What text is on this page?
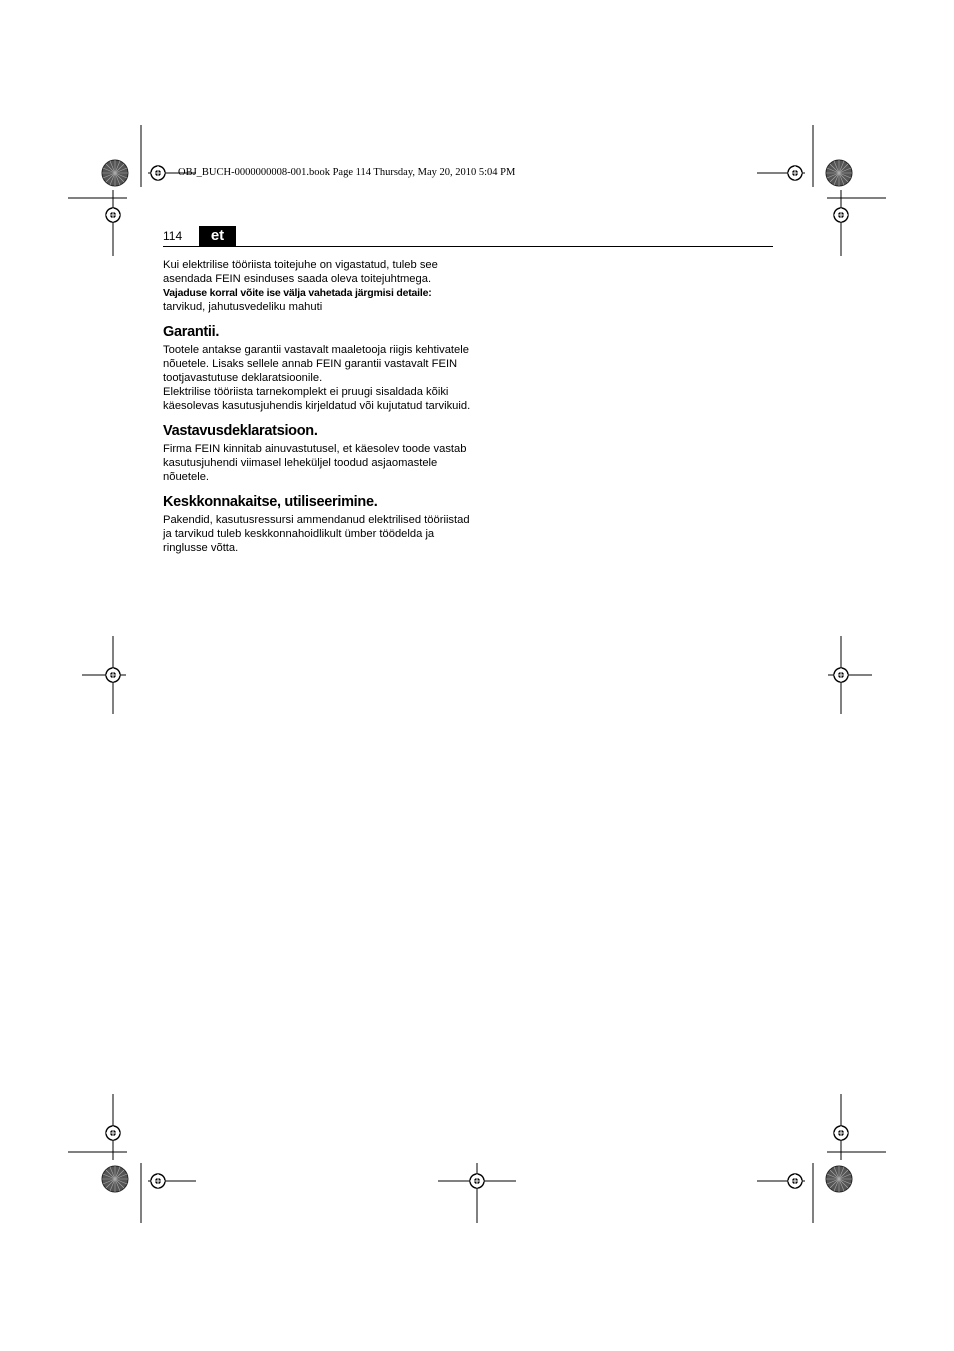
OBJ_BUCH-0000000008-001.book Page 114 Thursday, May 20, 2010 5:04 PM
114	et

Kui elektrilise tööriista toitejuhe on vigastatud, tuleb see asendada FEIN esinduses saada oleva toitejuhtmega.

Vajaduse korral võite ise välja vahetada järgmisi detaile:

tarvikud, jahutusvedeliku mahuti

Garantii.

Tootele antakse garantii vastavalt maaletooja riigis kehtivatele nõuetele. Lisaks sellele annab FEIN garantii vastavalt FEIN tootjavastutuse deklaratsioonile.

Elektrilise tööriista tarnekomplekt ei pruugi sisaldada kõiki käesolevas kasutusjuhendis kirjeldatud või kujutatud tarvikuid.

Vastavusdeklaratsioon.

Firma FEIN kinnitab ainuvastutusel, et käesolev toode vastab kasutusjuhendi viimasel leheküljel toodud asjaomastele nõuetele.

Keskkonnakaitse, utiliseerimine.

Pakendid, kasutusressursi ammendanud elektrilised tööriistad ja tarvikud tuleb keskkonnahoidlikult ümber töödelda ja ringlusse võtta.
